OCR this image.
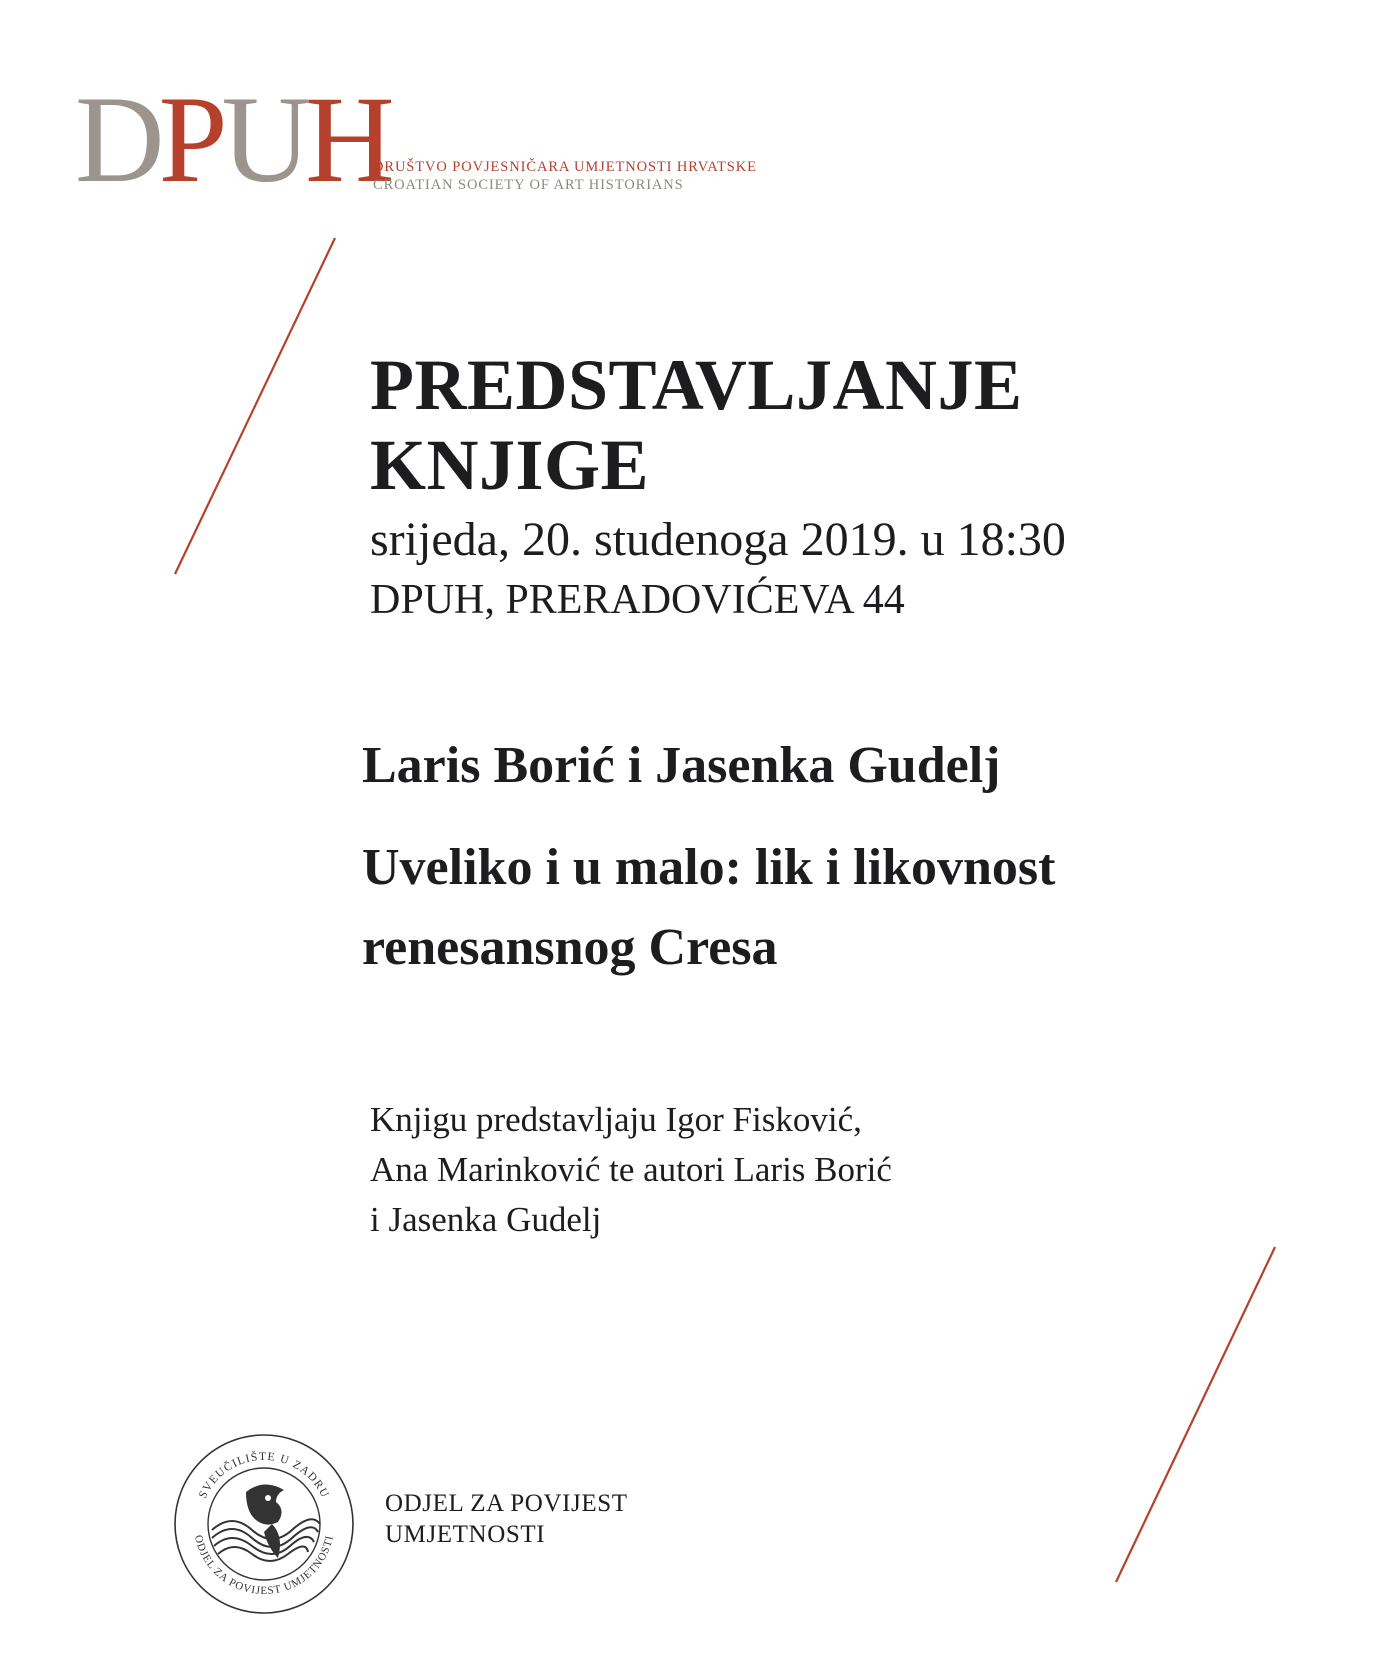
DPUH
DRUŠTVO POVJESNIČARA UMJETNOSTI HRVATSKE
CROATIAN SOCIETY OF ART HISTORIANS
PREDSTAVLJANJE
KNJIGE
srijeda, 20. studenoga 2019. u 18:30
DPUH, PRERADOVIĆEVA 44
Laris Borić i Jasenka Gudelj
Uveliko i u malo: lik i likovnost
renesansnog Cresa
Knjigu predstavljaju Igor Fisković,
Ana Marinković te autori Laris Borić
i Jasenka Gudelj
SVEUČILIŠTE U ZADRU
ODJEL ZA POVIJEST UMJETNOSTI
ODJEL ZA POVIJEST
UMJETNOSTI
